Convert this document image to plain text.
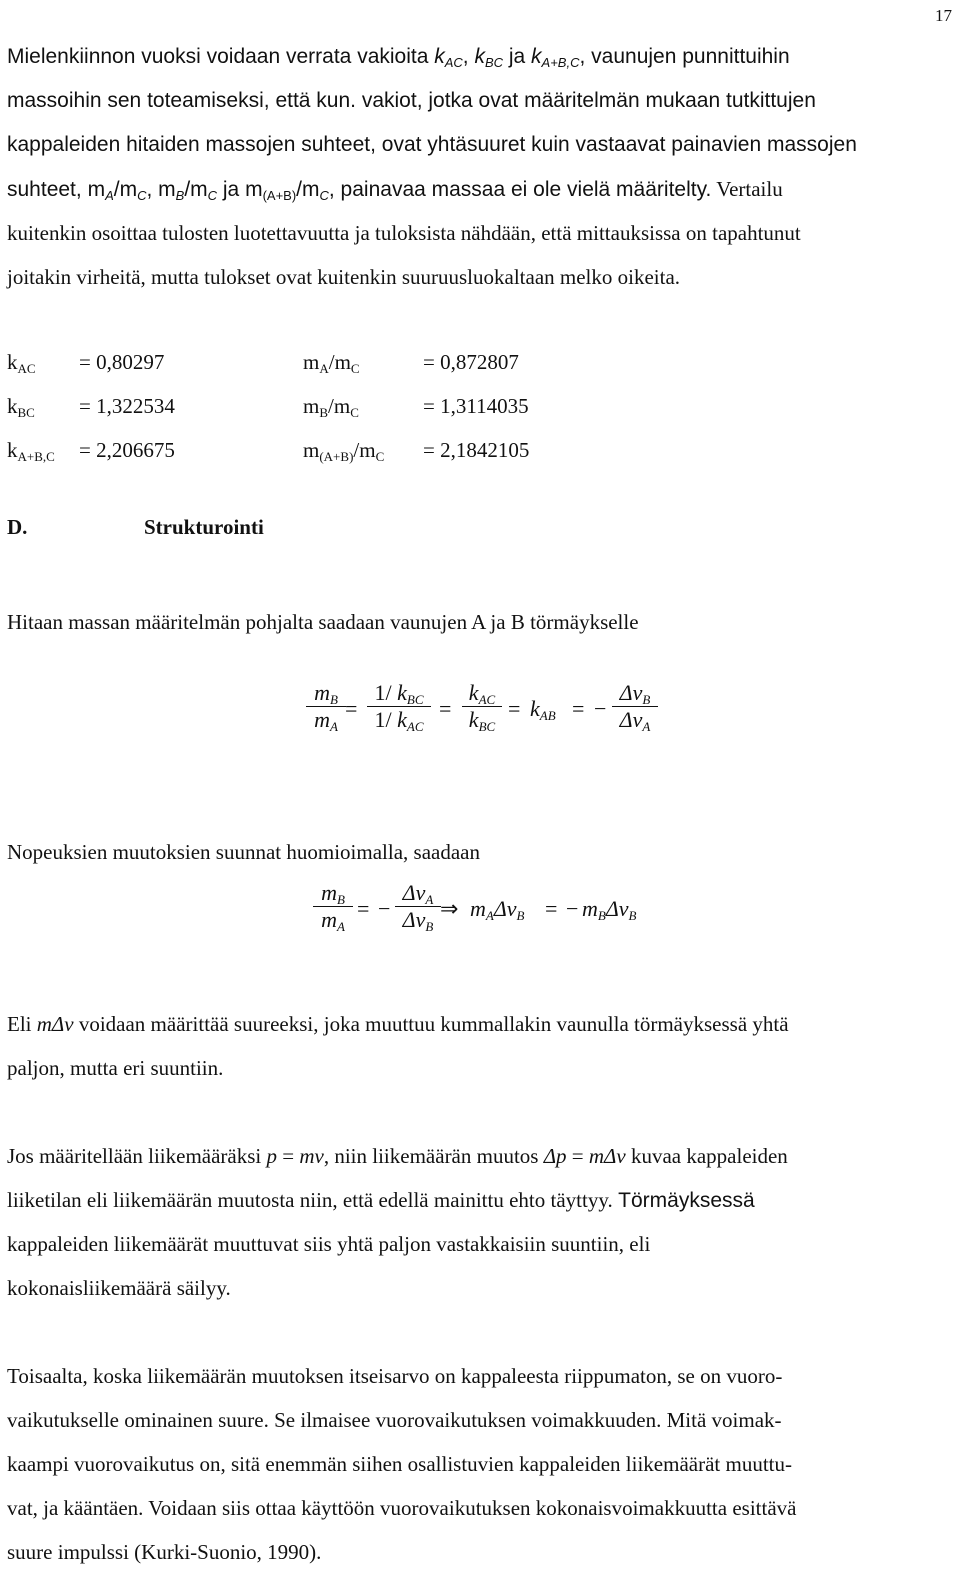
17

Mielenkiinnon vuoksi voidaan verrata vakioita $k_{AC}$, $k_{BC}$ ja $k_{A+B,C}$, vaunujen punnittuihin

massoihin sen toteamiseksi, että kun. vakiot, jotka ovat määritelmän mukaan tutkittujen

kappaleiden hitaiden massojen suhteet, ovat yhtäsuuret kuin vastaavat painavien massojen

suhteet, $m_A/m_C$, $m_B/m_C$ ja $m_{(A+B)}/m_C$, painavaa massaa ei ole vielä määritelty. Vertailu

kuitenkin osoittaa tulosten luotettavuutta ja tuloksista nähdään, että mittauksissa on tapahtunut

joitakin virheitä, mutta tulokset ovat kuitenkin suuruusluokaltaan melko oikeita.

$k_{AC} = 0,80297$	$m_A/m_C$	= 0,872807
$k_{BC} = 1,322534$	$m_B/m_C$	= 1,3114035
$k_{A+B,C} = 2,206675$	$m_{(A+B)}/m_C = 2,1842105$
D.	Strukturointi

Hitaan massan määritelmän pohjalta saadaan vaunujen A ja B törmäykselle

$m_B$
$m_A$
=
1/ $k_{BC}$
1/ $k_{AC}$
=
$k_{AC}$
$k_{BC}$
= $k_{AB}$ = −
$\Delta v_B$
$\Delta v_A$

Nopeuksien muutoksien suunnat huomioimalla, saadaan

$m_B$
$m_A$
= −
$\Delta v_A$
$\Delta v_B$
⇒ $m_A\Delta v_B$ = − $m_B\Delta v_B$

Eli mΔv voidaan määrittää suureeksi, joka muuttuu kummallakin vaunulla törmäyksessä yhtä

paljon, mutta eri suuntiin.

Jos määritellään liikemääräksi p = mv, niin liikemäärän muutos Δp = mΔv kuvaa kappaleiden

liiketilan eli liikemäärän muutosta niin, että edellä mainittu ehto täyttyy. Törmäyksessä

kappaleiden liikemäärät muuttuvat siis yhtä paljon vastakkaisiin suuntiin, eli

kokonaisliikemäärä säilyy.

Toisaalta, koska liikemäärän muutoksen itseisarvo on kappaleesta riippumaton, se on vuoro-

vaikutukselle ominainen suure. Se ilmaisee vuorovaikutuksen voimakkuuden. Mitä voimak-

kaampi vuorovaikutus on, sitä enemmän siihen osallistuvien kappaleiden liikemäärät muuttu-

vat, ja kääntäen. Voidaan siis ottaa käyttöön vuorovaikutuksen kokonaisvoimakkuutta esittävä

suure impulssi (Kurki-Suonio, 1990).
